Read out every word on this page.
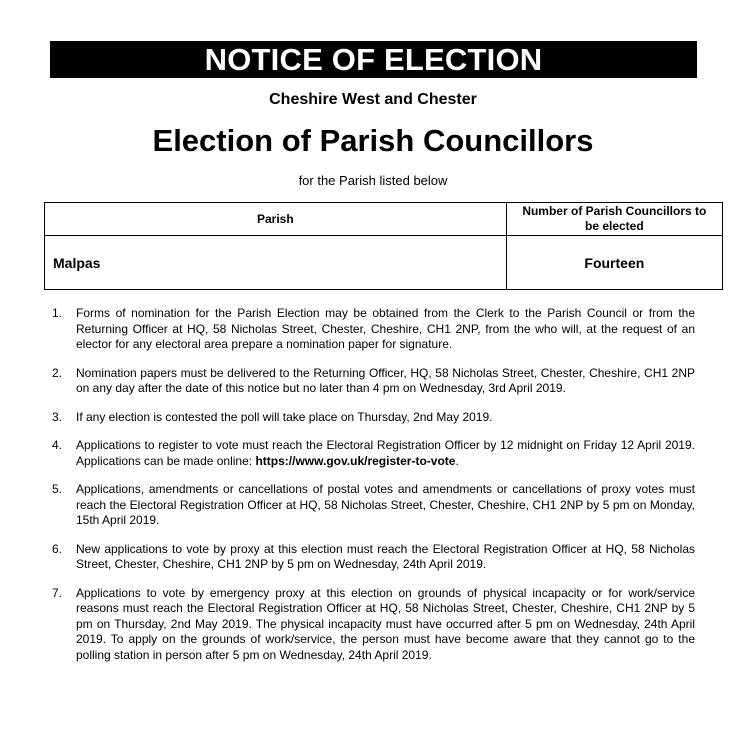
NOTICE OF ELECTION
Cheshire West and Chester
Election of Parish Councillors
for the Parish listed below
Parish	Number of Parish Councillors to be elected
Malpas	Fourteen
1. Forms of nomination for the Parish Election may be obtained from the Clerk to the Parish Council or from the Returning Officer at HQ, 58 Nicholas Street, Chester, Cheshire, CH1 2NP, from the who will, at the request of an elector for any electoral area prepare a nomination paper for signature.
2. Nomination papers must be delivered to the Returning Officer, HQ, 58 Nicholas Street, Chester, Cheshire, CH1 2NP on any day after the date of this notice but no later than 4 pm on Wednesday, 3rd April 2019.
3. If any election is contested the poll will take place on Thursday, 2nd May 2019.
4. Applications to register to vote must reach the Electoral Registration Officer by 12 midnight on Friday 12 April 2019. Applications can be made online: https://www.gov.uk/register-to-vote.
5. Applications, amendments or cancellations of postal votes and amendments or cancellations of proxy votes must reach the Electoral Registration Officer at HQ, 58 Nicholas Street, Chester, Cheshire, CH1 2NP by 5 pm on Monday, 15th April 2019.
6. New applications to vote by proxy at this election must reach the Electoral Registration Officer at HQ, 58 Nicholas Street, Chester, Cheshire, CH1 2NP by 5 pm on Wednesday, 24th April 2019.
7. Applications to vote by emergency proxy at this election on grounds of physical incapacity or for work/service reasons must reach the Electoral Registration Officer at HQ, 58 Nicholas Street, Chester, Cheshire, CH1 2NP by 5 pm on Thursday, 2nd May 2019. The physical incapacity must have occurred after 5 pm on Wednesday, 24th April 2019. To apply on the grounds of work/service, the person must have become aware that they cannot go to the polling station in person after 5 pm on Wednesday, 24th April 2019.
